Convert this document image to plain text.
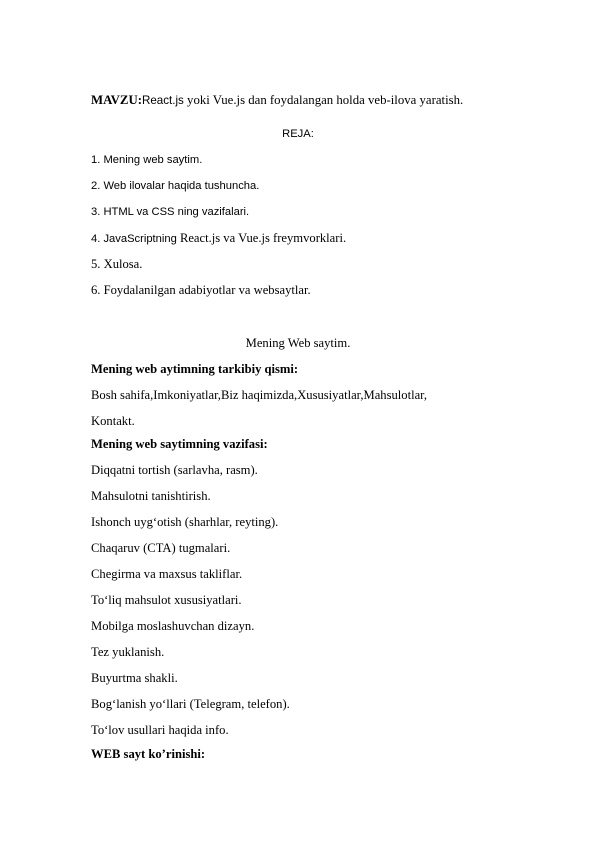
MAVZU:React.js yoki Vue.js dan foydalangan holda veb-ilova yaratish.
REJA:
1. Mening web saytim.
2. Web ilovalar haqida tushuncha.
3. HTML va CSS ning vazifalari.
4. JavaScriptning React.js va Vue.js freymvorklari.
5. Xulosa.
6. Foydalanilgan adabiyotlar va websaytlar.
Mening Web saytim.
Mening web aytimning tarkibiy qismi:
Bosh sahifa,Imkoniyatlar,Biz haqimizda,Xususiyatlar,Mahsulotlar,
Kontakt.
Mening web saytimning vazifasi:
Diqqatni tortish (sarlavha, rasm).
Mahsulotni tanishtirish.
Ishonch uyg‘otish (sharhlar, reyting).
Chaqaruv (CTA) tugmalari.
Chegirma va maxsus takliflar.
To‘liq mahsulot xususiyatlari.
Mobilga moslashuvchan dizayn.
Tez yuklanish.
Buyurtma shakli.
Bog‘lanish yo‘llari (Telegram, telefon).
To‘lov usullari haqida info.
WEB sayt ko’rinishi:
